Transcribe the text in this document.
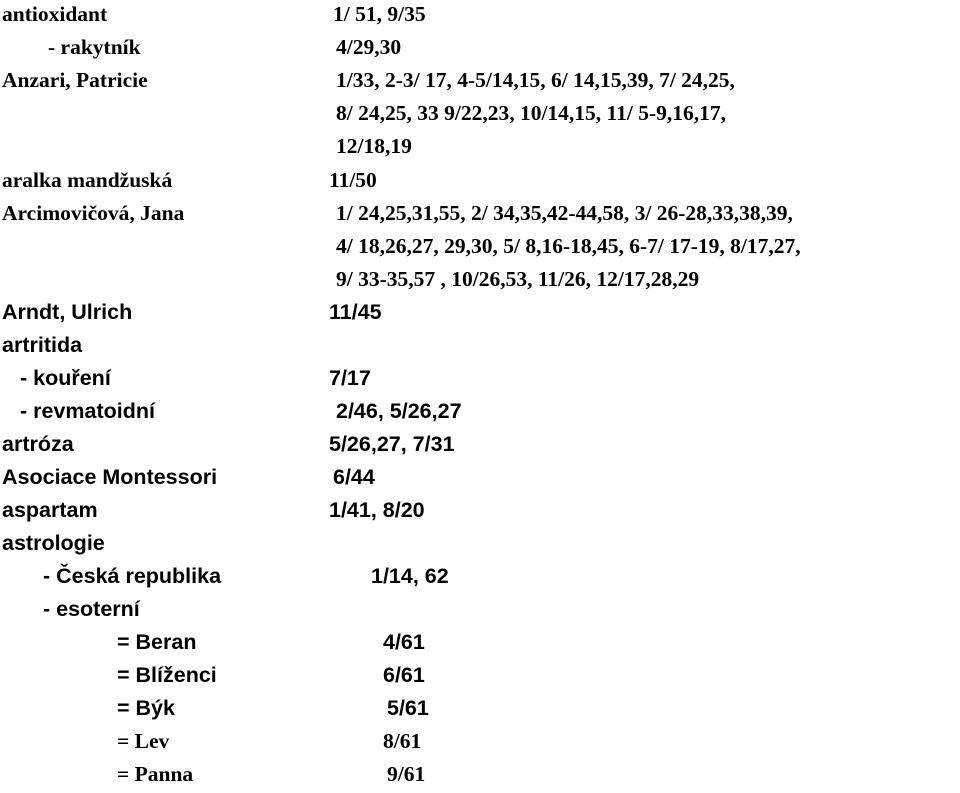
antioxidant	1/ 51, 9/35
- rakytník	4/29,30
Anzari, Patricie	1/33, 2-3/ 17, 4-5/14,15, 6/ 14,15,39, 7/ 24,25,
8/ 24,25, 33 9/22,23, 10/14,15, 11/ 5-9,16,17,
12/18,19
aralka mandžuská	11/50
Arcimovičová, Jana	1/ 24,25,31,55, 2/ 34,35,42-44,58, 3/ 26-28,33,38,39,
4/ 18,26,27, 29,30, 5/ 8,16-18,45, 6-7/ 17-19, 8/17,27,
9/ 33-35,57 , 10/26,53, 11/26, 12/17,28,29
Arndt, Ulrich	11/45
artritida
- kouření	7/17
- revmatoidní	2/46, 5/26,27
artróza	5/26,27, 7/31
Asociace Montessori	6/44
aspartam	1/41, 8/20
astrologie
- Česká republika	1/14, 62
- esoterní
= Beran	4/61
= Blíženci	6/61
= Býk	5/61
= Lev	8/61
= Panna	9/61
